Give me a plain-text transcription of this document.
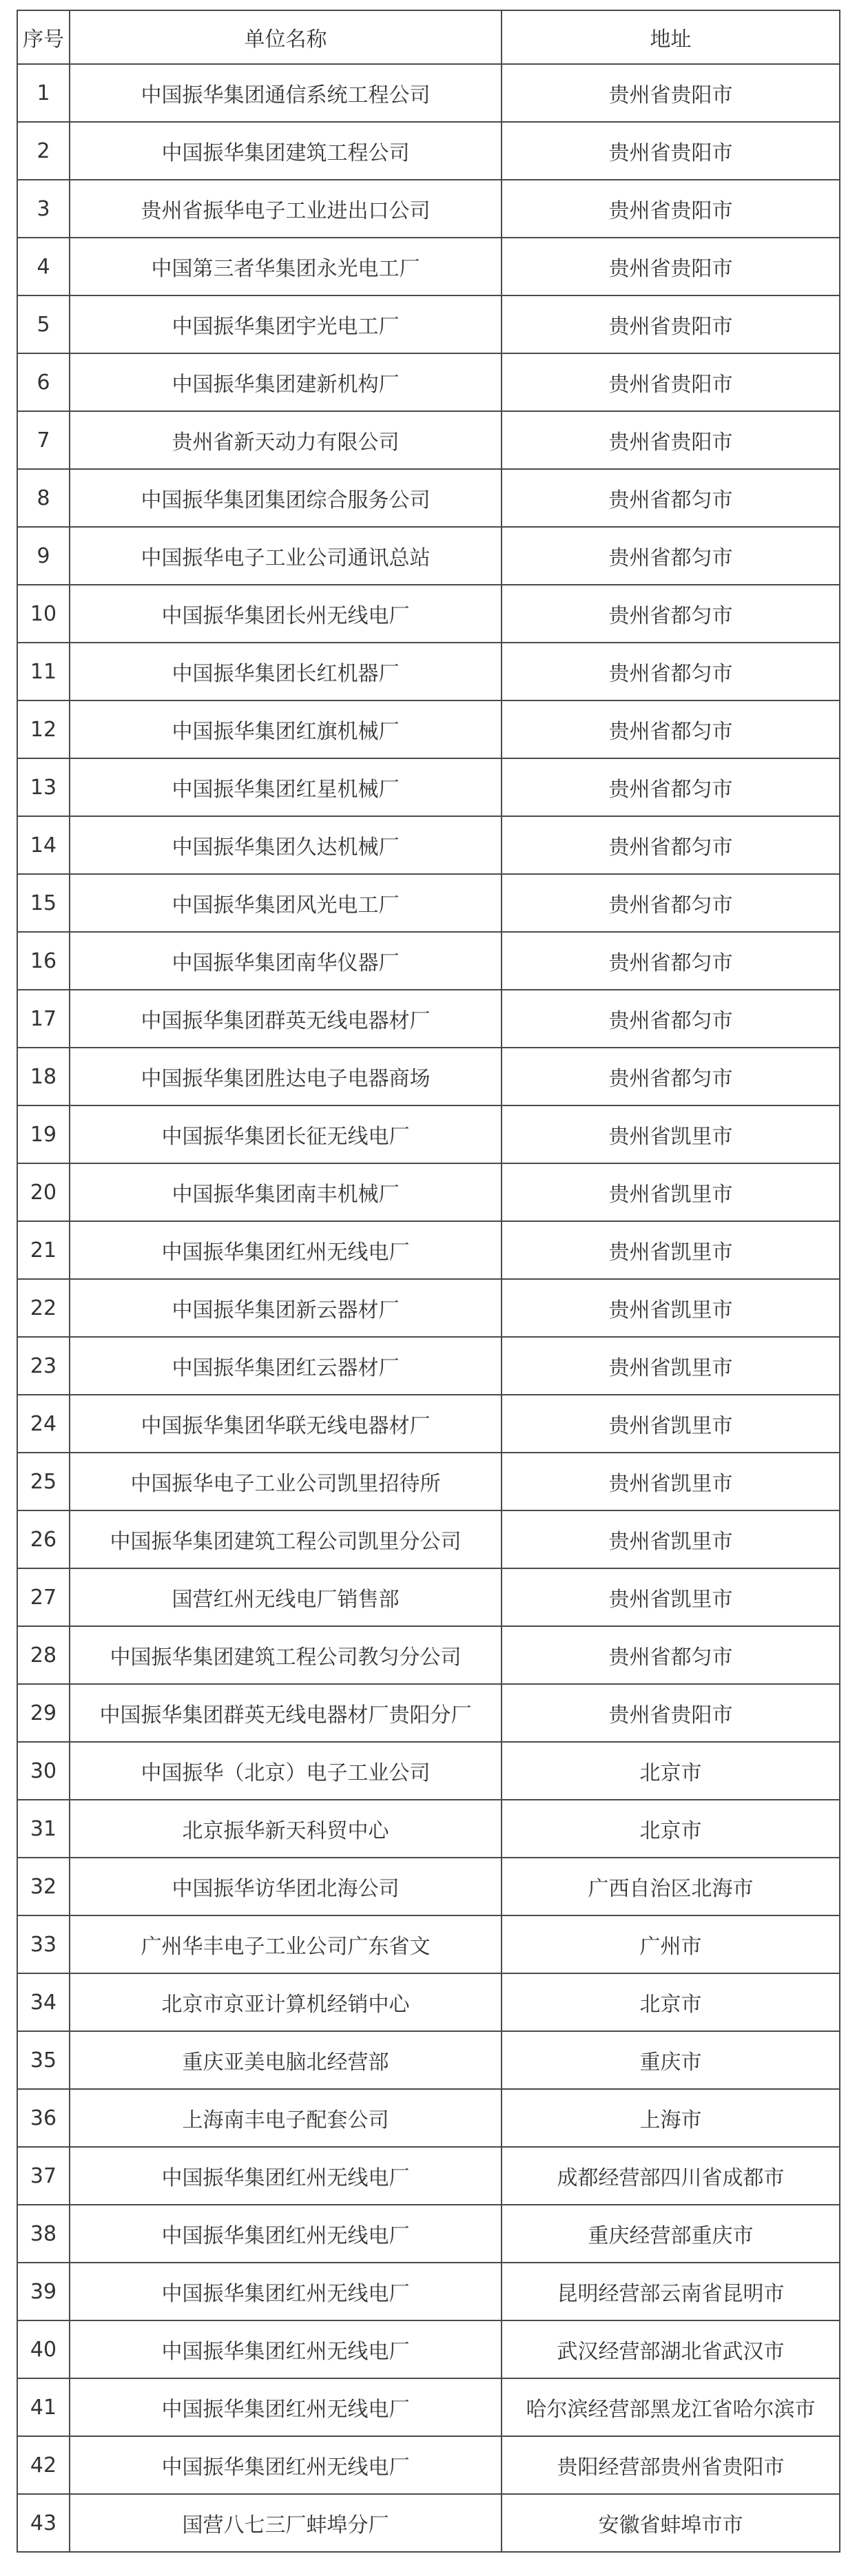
序号	单位名称	地址
1	中国振华集团通信系统工程公司	贵州省贵阳市
2	中国振华集团建筑工程公司	贵州省贵阳市
3	贵州省振华电子工业进出口公司	贵州省贵阳市
4	中国第三者华集团永光电工厂	贵州省贵阳市
5	中国振华集团宇光电工厂	贵州省贵阳市
6	中国振华集团建新机构厂	贵州省贵阳市
7	贵州省新天动力有限公司	贵州省贵阳市
8	中国振华集团集团综合服务公司	贵州省都匀市
9	中国振华电子工业公司通讯总站	贵州省都匀市
10	中国振华集团长州无线电厂	贵州省都匀市
11	中国振华集团长红机器厂	贵州省都匀市
12	中国振华集团红旗机械厂	贵州省都匀市
13	中国振华集团红星机械厂	贵州省都匀市
14	中国振华集团久达机械厂	贵州省都匀市
15	中国振华集团风光电工厂	贵州省都匀市
16	中国振华集团南华仪器厂	贵州省都匀市
17	中国振华集团群英无线电器材厂	贵州省都匀市
18	中国振华集团胜达电子电器商场	贵州省都匀市
19	中国振华集团长征无线电厂	贵州省凯里市
20	中国振华集团南丰机械厂	贵州省凯里市
21	中国振华集团红州无线电厂	贵州省凯里市
22	中国振华集团新云器材厂	贵州省凯里市
23	中国振华集团红云器材厂	贵州省凯里市
24	中国振华集团华联无线电器材厂	贵州省凯里市
25	中国振华电子工业公司凯里招待所	贵州省凯里市
26	中国振华集团建筑工程公司凯里分公司	贵州省凯里市
27	国营红州无线电厂销售部	贵州省凯里市
28	中国振华集团建筑工程公司教匀分公司	贵州省都匀市
29	中国振华集团群英无线电器材厂贵阳分厂	贵州省贵阳市
30	中国振华（北京）电子工业公司	北京市
31	北京振华新天科贸中心	北京市
32	中国振华访华团北海公司	广西自治区北海市
33	广州华丰电子工业公司广东省文	广州市
34	北京市京亚计算机经销中心	北京市
35	重庆亚美电脑北经营部	重庆市
36	上海南丰电子配套公司	上海市
37	中国振华集团红州无线电厂	成都经营部四川省成都市
38	中国振华集团红州无线电厂	重庆经营部重庆市
39	中国振华集团红州无线电厂	昆明经营部云南省昆明市
40	中国振华集团红州无线电厂	武汉经营部湖北省武汉市
41	中国振华集团红州无线电厂	哈尔滨经营部黑龙江省哈尔滨市
42	中国振华集团红州无线电厂	贵阳经营部贵州省贵阳市
43	国营八七三厂蚌埠分厂	安徽省蚌埠市市
